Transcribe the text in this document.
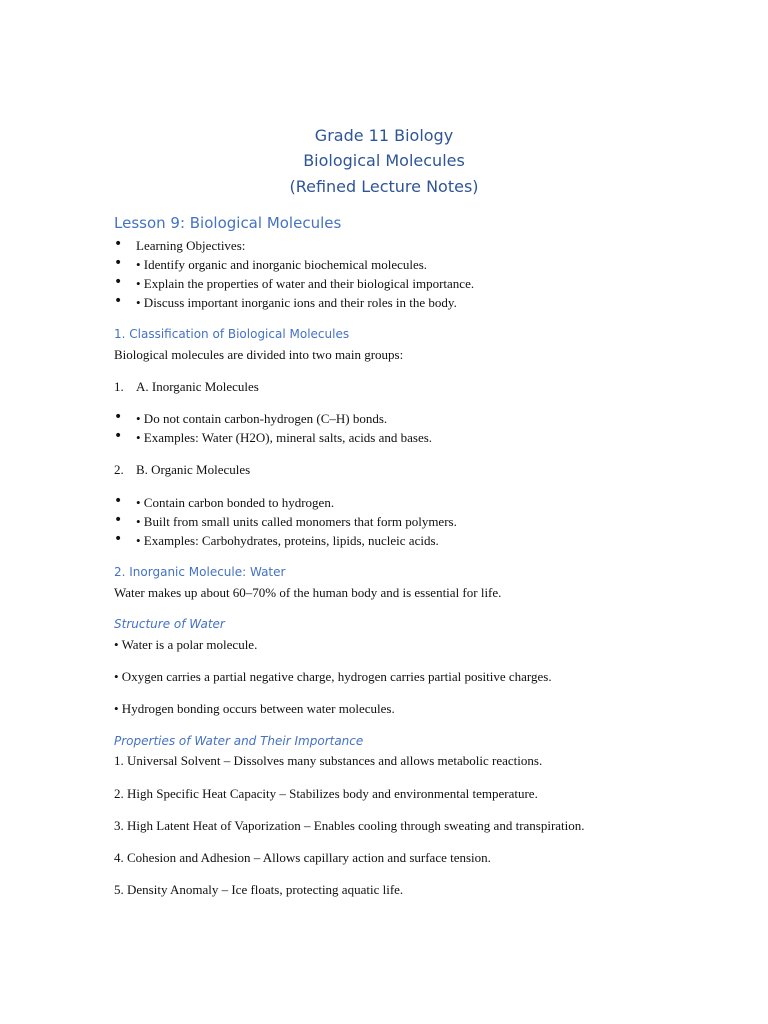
Grade 11 Biology
Biological Molecules
(Refined Lecture Notes)
Lesson 9: Biological Molecules
• Learning Objectives:
• • Identify organic and inorganic biochemical molecules.
• • Explain the properties of water and their biological importance.
• • Discuss important inorganic ions and their roles in the body.
1. Classification of Biological Molecules
Biological molecules are divided into two main groups:
1. A. Inorganic Molecules
• • Do not contain carbon-hydrogen (C–H) bonds.
• • Examples: Water (H2O), mineral salts, acids and bases.
2. B. Organic Molecules
• • Contain carbon bonded to hydrogen.
• • Built from small units called monomers that form polymers.
• • Examples: Carbohydrates, proteins, lipids, nucleic acids.
2. Inorganic Molecule: Water
Water makes up about 60–70% of the human body and is essential for life.
Structure of Water
• Water is a polar molecule.
• Oxygen carries a partial negative charge, hydrogen carries partial positive charges.
• Hydrogen bonding occurs between water molecules.
Properties of Water and Their Importance
1. Universal Solvent – Dissolves many substances and allows metabolic reactions.
2. High Specific Heat Capacity – Stabilizes body and environmental temperature.
3. High Latent Heat of Vaporization – Enables cooling through sweating and transpiration.
4. Cohesion and Adhesion – Allows capillary action and surface tension.
5. Density Anomaly – Ice floats, protecting aquatic life.
